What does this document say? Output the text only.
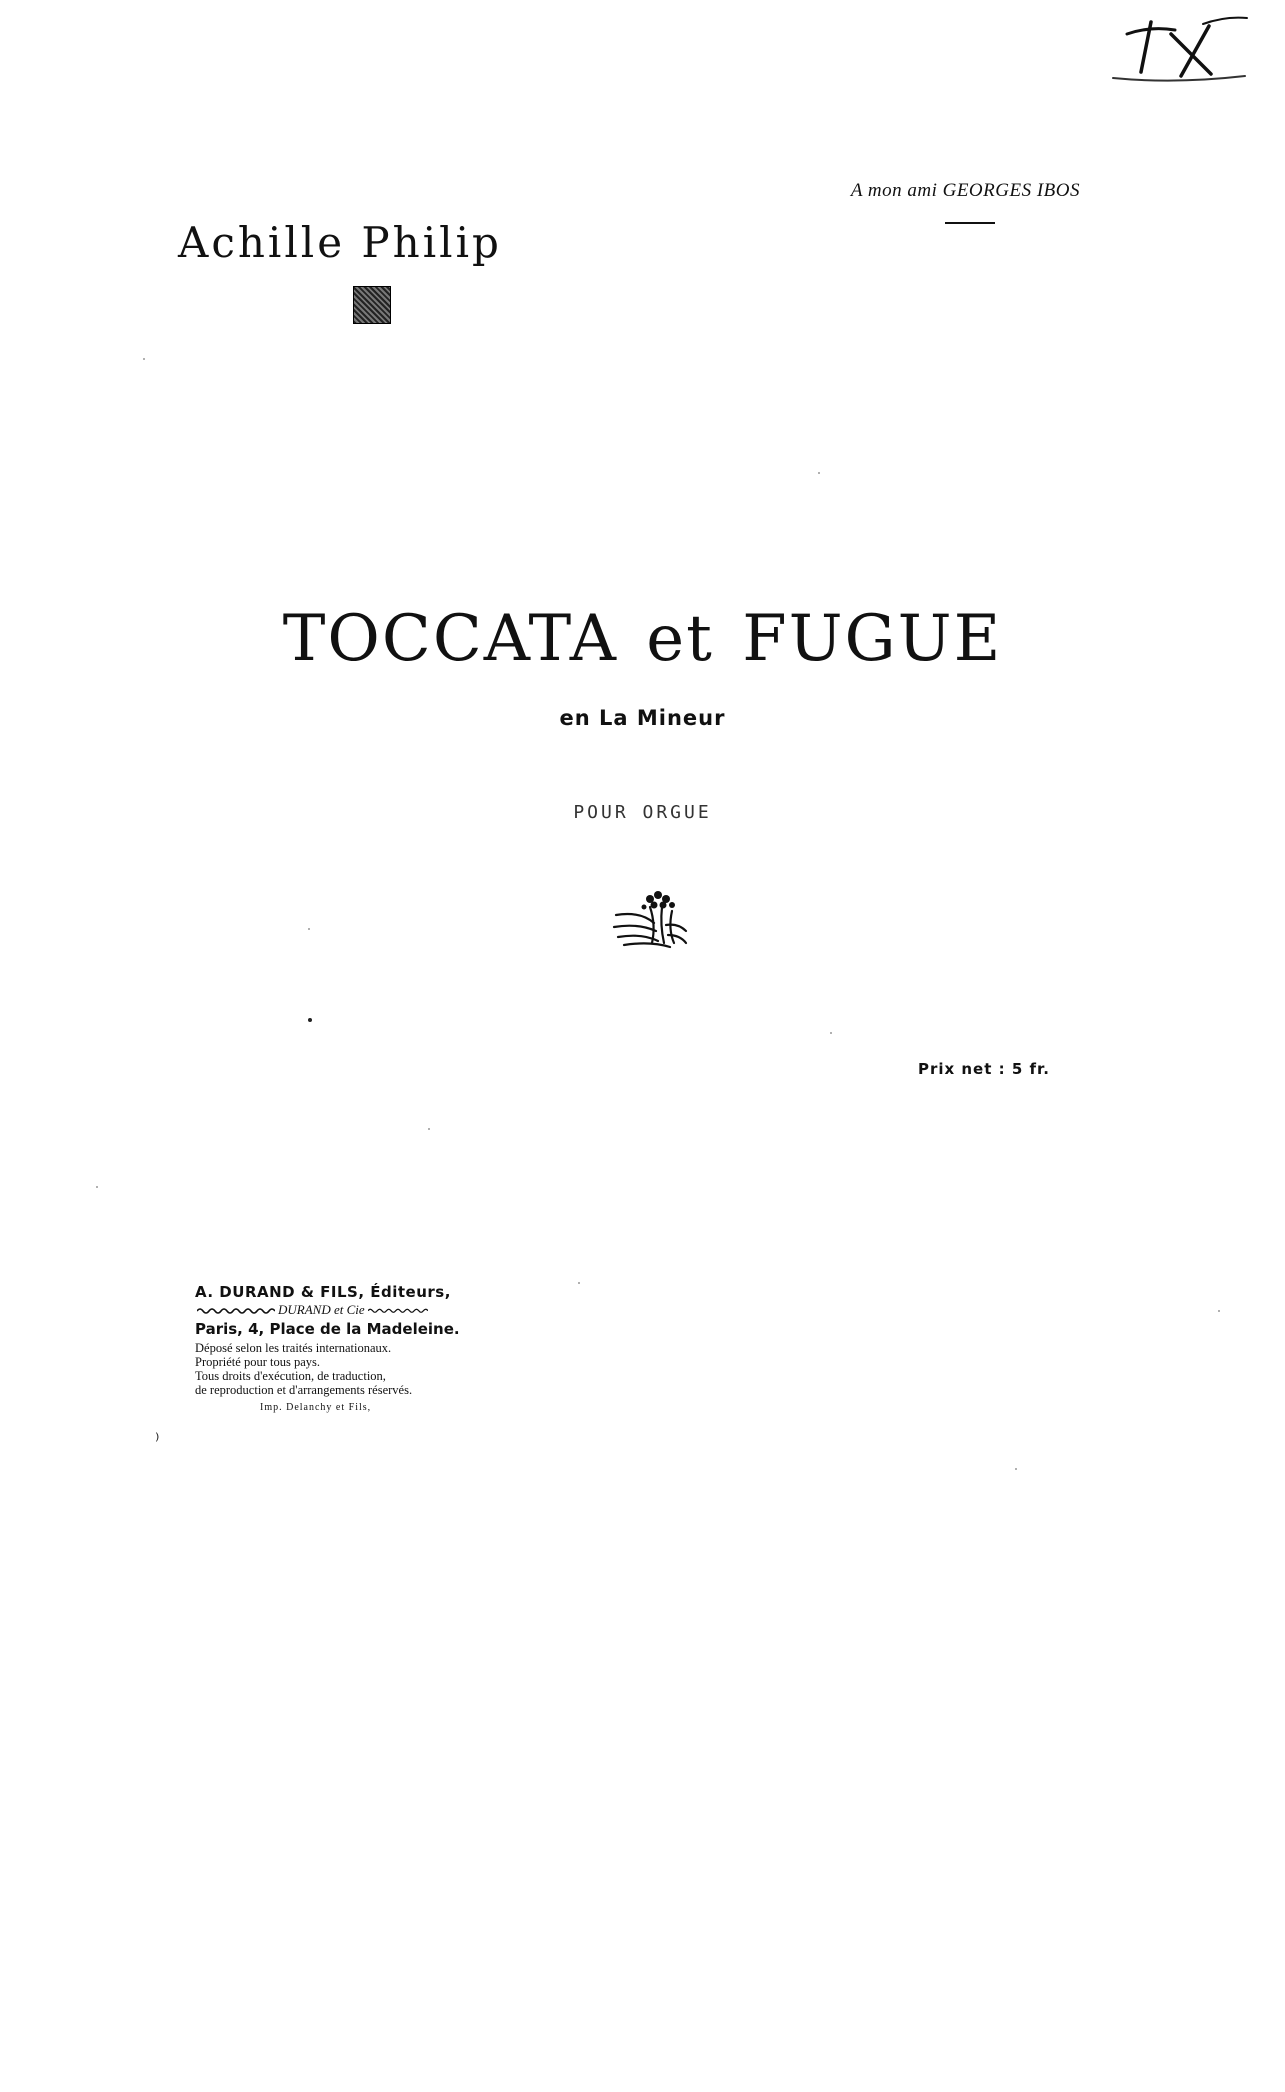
A mon ami GEORGES IBOS
Achille Philip
TOCCATA et FUGUE
en La Mineur
POUR ORGUE
Prix net : 5 fr.
A. DURAND & FILS, Éditeurs,
DURAND et Cie
Paris, 4, Place de la Madeleine.
Déposé selon les traités internationaux.
Propriété pour tous pays.
Tous droits d'exécution, de traduction,
de reproduction et d'arrangements réservés.
Imp. Delanchy et Fils,
⁾
